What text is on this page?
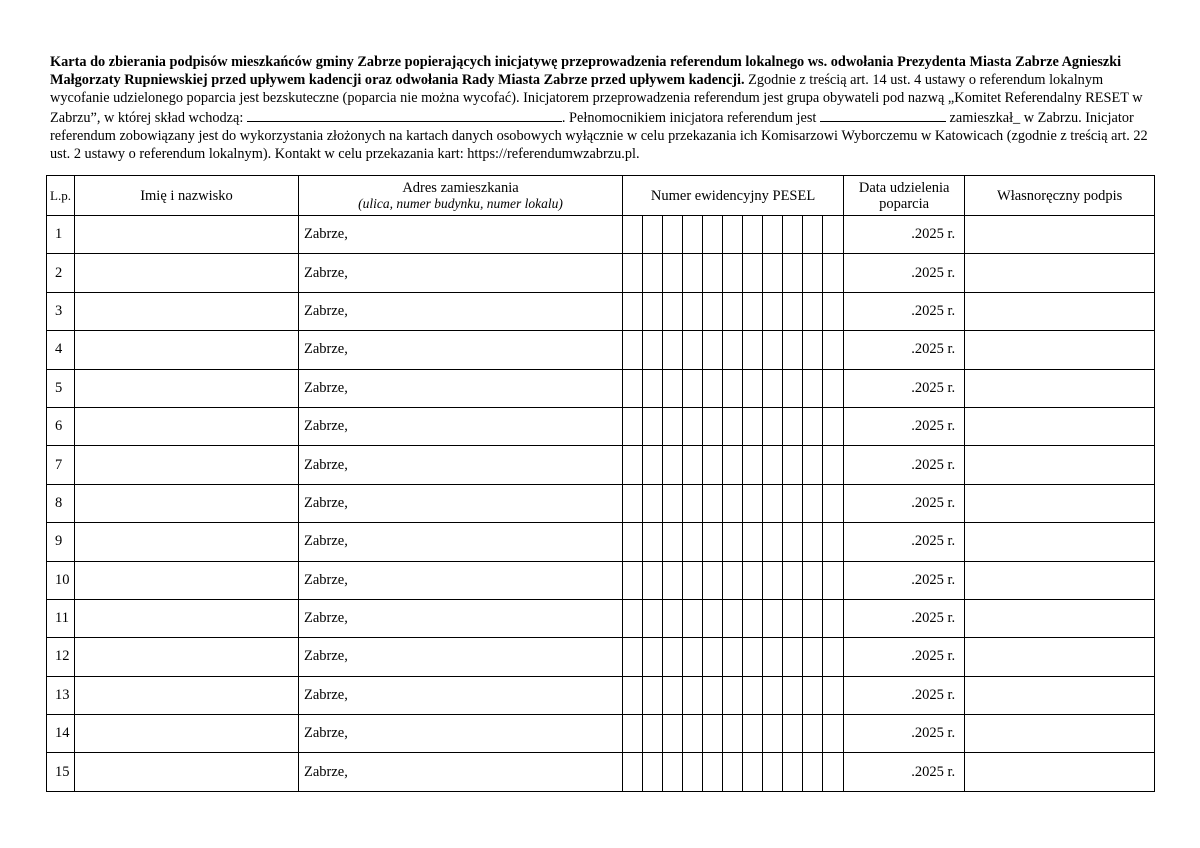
Karta do zbierania podpisów mieszkańców gminy Zabrze popierających inicjatywę przeprowadzenia referendum lokalnego ws. odwołania Prezydenta Miasta Zabrze Agnieszki Małgorzaty Rupniewskiej przed upływem kadencji oraz odwołania Rady Miasta Zabrze przed upływem kadencji. Zgodnie z treścią art. 14 ust. 4 ustawy o referendum lokalnym wycofanie udzielonego poparcia jest bezskuteczne (poparcia nie można wycofać). Inicjatorem przeprowadzenia referendum jest grupa obywateli pod nazwą „Komitet Referendalny RESET w Zabrzu”, w której skład wchodzą:	. Pełnomocnikiem inicjatora referendum jest	zamieszkał_ w Zabrzu. Inicjator referendum zobowiązany jest do wykorzystania złożonych na kartach danych osobowych wyłącznie w celu przekazania ich Komisarzowi Wyborczemu w Katowicach (zgodnie z treścią art. 22 ust. 2 ustawy o referendum lokalnym). Kontakt w celu przekazania kart: https://referendumwzabrzu.pl.
L.p.	Imię i nazwisko	Adres zamieszkania
(ulica, numer budynku, numer lokalu)	Numer ewidencyjny PESEL											Data udzielenia poparcia	Własnoręczny podpis
1		Zabrze,												.2025 r.	
2		Zabrze,												.2025 r.	
3		Zabrze,												.2025 r.	
4		Zabrze,												.2025 r.	
5		Zabrze,												.2025 r.	
6		Zabrze,												.2025 r.	
7		Zabrze,												.2025 r.	
8		Zabrze,												.2025 r.	
9		Zabrze,												.2025 r.	
10		Zabrze,												.2025 r.	
11		Zabrze,												.2025 r.	
12		Zabrze,												.2025 r.	
13		Zabrze,												.2025 r.	
14		Zabrze,												.2025 r.	
15		Zabrze,												.2025 r.	
